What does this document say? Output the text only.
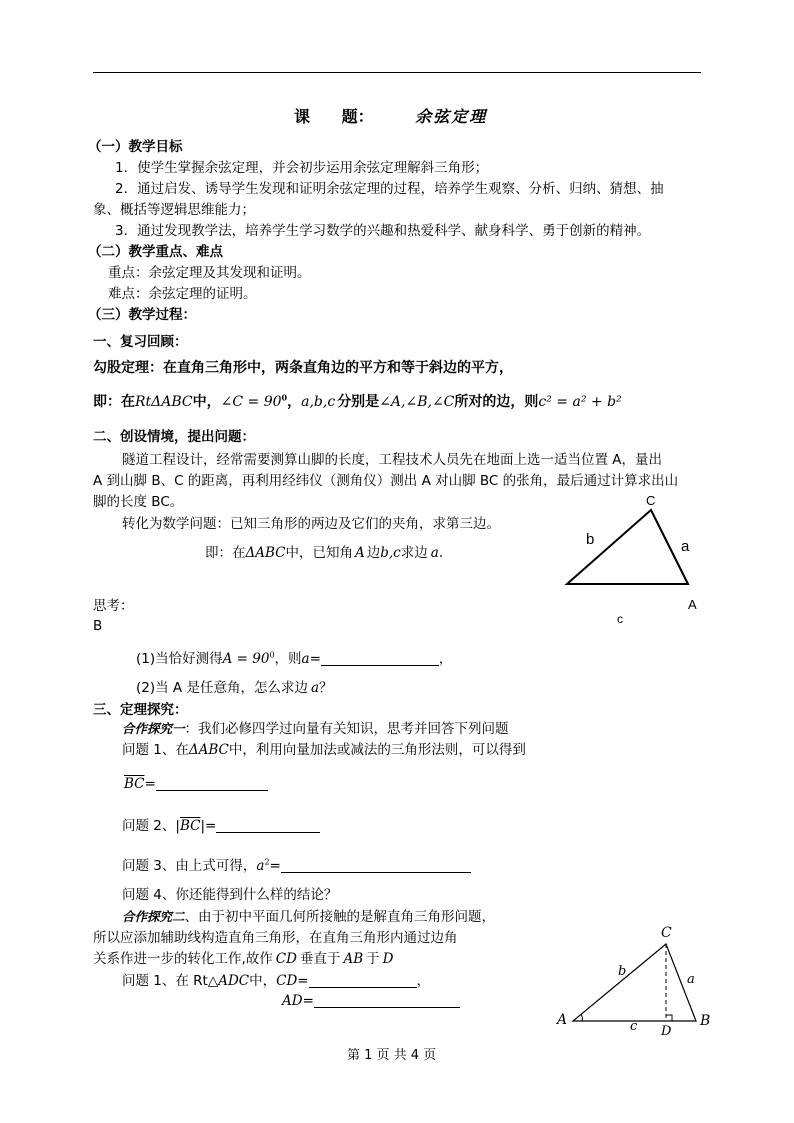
课 题：	余弦定理
（一）教学目标
1．使学生掌握余弦定理，并会初步运用余弦定理解斜三角形；
2．通过启发、诱导学生发现和证明余弦定理的过程，培养学生观察、分析、归纳、猜想、抽
象、概括等逻辑思维能力；
3．通过发现教学法，培养学生学习数学的兴趣和热爱科学、献身科学、勇于创新的精神。
（二）教学重点、难点
重点：余弦定理及其发现和证明。
难点：余弦定理的证明。
（三）教学过程：
一、复习回顾：
勾股定理：在直角三角形中，两条直角边的平方和等于斜边的平方，
即：在RtΔABC中，∠C = $90^0$，a,b,c 分别是∠A,∠B,∠C所对的边，则c² = a² + b²
二、创设情境，提出问题：
隧道工程设计，经常需要测算山脚的长度，工程技术人员先在地面上选一适当位置 A，量出
A 到山脚 B、C 的距离，再利用经纬仪（测角仪）测出 A 对山脚 BC 的张角，最后通过计算求出山
脚的长度 BC。
转化为数学问题：已知三角形的两边及它们的夹角，求第三边。
即：在ΔABC中，已知角 A 边b,c求边 a.
C
b	a
A
c
思考：
B
(1)当恰好测得$A = 90^0$，则a=	，
(2)当 A 是任意角，怎么求边 a？
三、定理探究：
合作探究一：我们必修四学过向量有关知识，思考并回答下列问题
问题 1、在ΔABC中，利用向量加法或减法的三角形法则，可以得到
$\overline{BC}=$
问题 2、$|\overline{BC}|=$
问题 3、由上式可得，$a^2=$
问题 4、你还能得到什么样的结论？
合作探究二、由于初中平面几何所接触的是解直角三角形问题，
所以应添加辅助线构造直角三角形，在直角三角形内通过边角
关系作进一步的转化工作,故作 CD 垂直于 AB 于 D
问题 1、在 Rt△ADC中，CD=	，
AD=
C
b
a
A	c D
B
第 1 页 共 4 页
